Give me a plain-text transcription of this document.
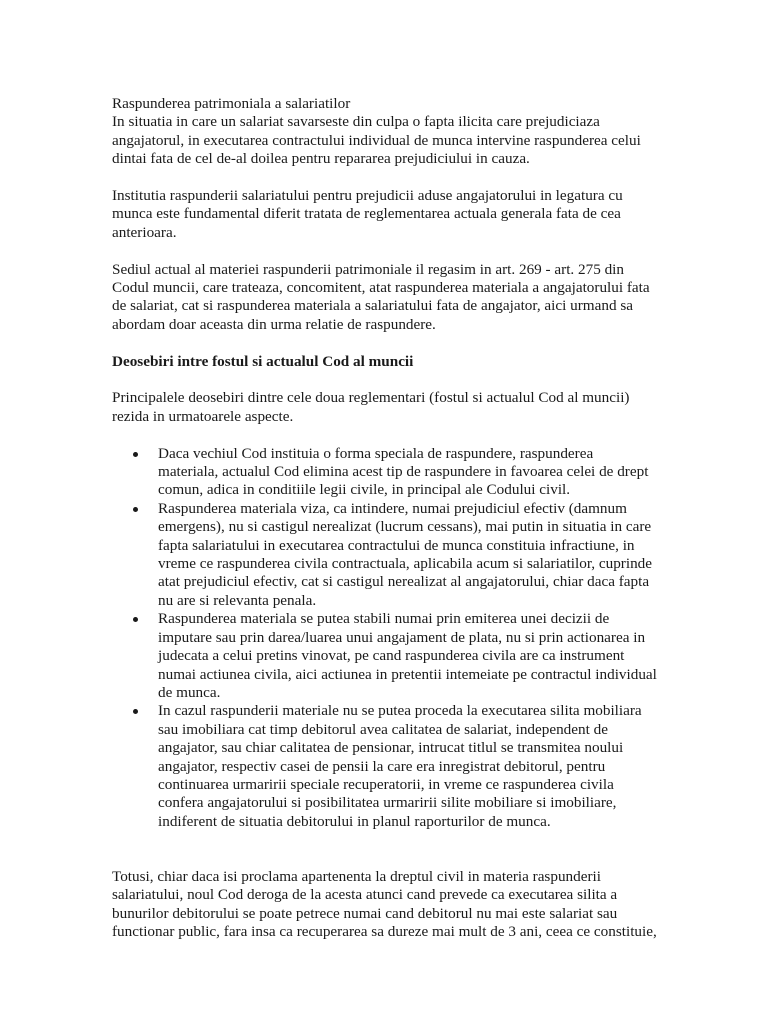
Raspunderea patrimoniala a salariatilor

In situatia in care un salariat savarseste din culpa o fapta ilicita care prejudiciaza angajatorul, in executarea contractului individual de munca intervine raspunderea celui dintai fata de cel de-al doilea pentru repararea prejudiciului in cauza.

Institutia raspunderii salariatului pentru prejudicii aduse angajatorului in legatura cu munca este fundamental diferit tratata de reglementarea actuala generala fata de cea anterioara.

Sediul actual al materiei raspunderii patrimoniale il regasim in art. 269 - art. 275 din Codul muncii, care trateaza, concomitent, atat raspunderea materiala a angajatorului fata de salariat, cat si raspunderea materiala a salariatului fata de angajator, aici urmand sa abordam doar aceasta din urma relatie de raspundere.

Deosebiri intre fostul si actualul Cod al muncii

Principalele deosebiri dintre cele doua reglementari (fostul si actualul Cod al muncii) rezida in urmatoarele aspecte.

Daca vechiul Cod instituia o forma speciala de raspundere, raspunderea materiala, actualul Cod elimina acest tip de raspundere in favoarea celei de drept comun, adica in conditiile legii civile, in principal ale Codului civil.
Raspunderea materiala viza, ca intindere, numai prejudiciul efectiv (damnum emergens), nu si castigul nerealizat (lucrum cessans), mai putin in situatia in care fapta salariatului in executarea contractului de munca constituia infractiune, in vreme ce raspunderea civila contractuala, aplicabila acum si salariatilor, cuprinde atat prejudiciul efectiv, cat si castigul nerealizat al angajatorului, chiar daca fapta nu are si relevanta penala.
Raspunderea materiala se putea stabili numai prin emiterea unei decizii de imputare sau prin darea/luarea unui angajament de plata, nu si prin actionarea in judecata a celui pretins vinovat, pe cand raspunderea civila are ca instrument numai actiunea civila, aici actiunea in pretentii intemeiate pe contractul individual de munca.
In cazul raspunderii materiale nu se putea proceda la executarea silita mobiliara sau imobiliara cat timp debitorul avea calitatea de salariat, independent de angajator, sau chiar calitatea de pensionar, intrucat titlul se transmitea noului angajator, respectiv casei de pensii la care era inregistrat debitorul, pentru continuarea urmaririi speciale recuperatorii, in vreme ce raspunderea civila confera angajatorului si posibilitatea urmaririi silite mobiliare si imobiliare, indiferent de situatia debitorului in planul raporturilor de munca.

Totusi, chiar daca isi proclama apartenenta la dreptul civil in materia raspunderii salariatului, noul Cod deroga de la acesta atunci cand prevede ca executarea silita a bunurilor debitorului se poate petrece numai cand debitorul nu mai este salariat sau functionar public, fara insa ca recuperarea sa dureze mai mult de 3 ani, ceea ce constituie,
